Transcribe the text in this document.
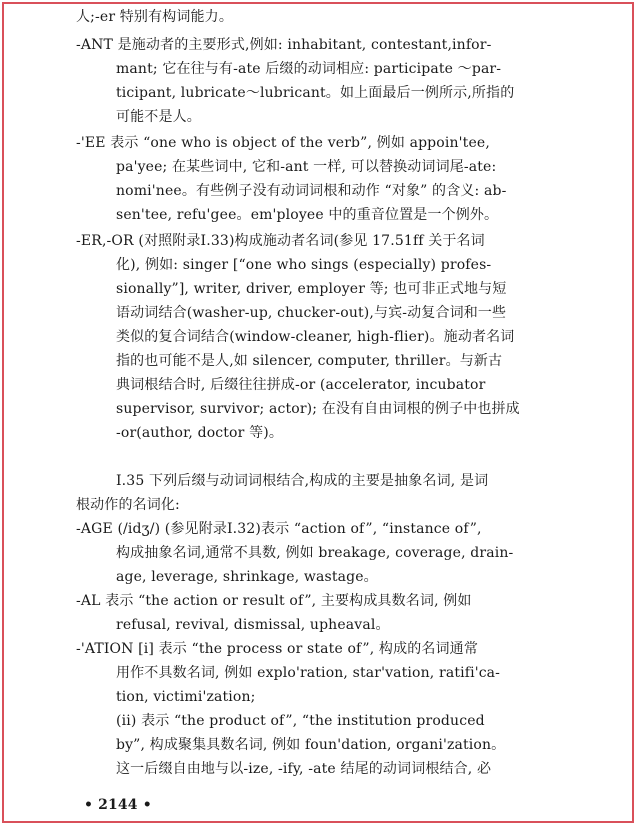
人;-er 特别有构词能力。
-ANT 是施动者的主要形式,例如: inhabitant, contestant,infor-
mant; 它在往与有-ate 后缀的动词相应: participate ～par-
ticipant, lubricate～lubricant。如上面最后一例所示,所指的
可能不是人。
-'EE 表示 “one who is object of the verb”, 例如 appoin'tee,
pa'yee; 在某些词中, 它和-ant 一样, 可以替换动词词尾-ate:
nomi'nee。有些例子没有动词词根和动作 “对象” 的含义: ab-
sen'tee, refu'gee。em'ployee 中的重音位置是一个例外。
-ER,-OR (对照附录Ⅰ.33)构成施动者名词(参见 17.51ff 关于名词
化), 例如: singer [“one who sings (especially) profes-
sionally”], writer, driver, employer 等; 也可非正式地与短
语动词结合(washer-up, chucker-out),与宾-动复合词和一些
类似的复合词结合(window-cleaner, high-flier)。施动者名词
指的也可能不是人,如 silencer, computer, thriller。与新古
典词根结合时, 后缀往往拼成-or (accelerator, incubator
supervisor, survivor; actor); 在没有自由词根的例子中也拼成
-or(author, doctor 等)。
Ⅰ.35 下列后缀与动词词根结合,构成的主要是抽象名词, 是词
根动作的名词化:
-AGE (/idʒ/) (参见附录Ⅰ.32)表示 “action of”, “instance of”,
构成抽象名词,通常不具数, 例如 breakage, coverage, drain-
age, leverage, shrinkage, wastage。
-AL 表示 “the action or result of”, 主要构成具数名词, 例如
refusal, revival, dismissal, upheaval。
-'ATION [i] 表示 “the process or state of”, 构成的名词通常
用作不具数名词, 例如 explo'ration, star'vation, ratifi'ca-
tion, victimi'zation;
(ii) 表示 “the product of”, “the institution produced
by”, 构成聚集具数名词, 例如 foun'dation, organi'zation。
这一后缀自由地与以-ize, -ify, -ate 结尾的动词词根结合, 必
• 2144 •
